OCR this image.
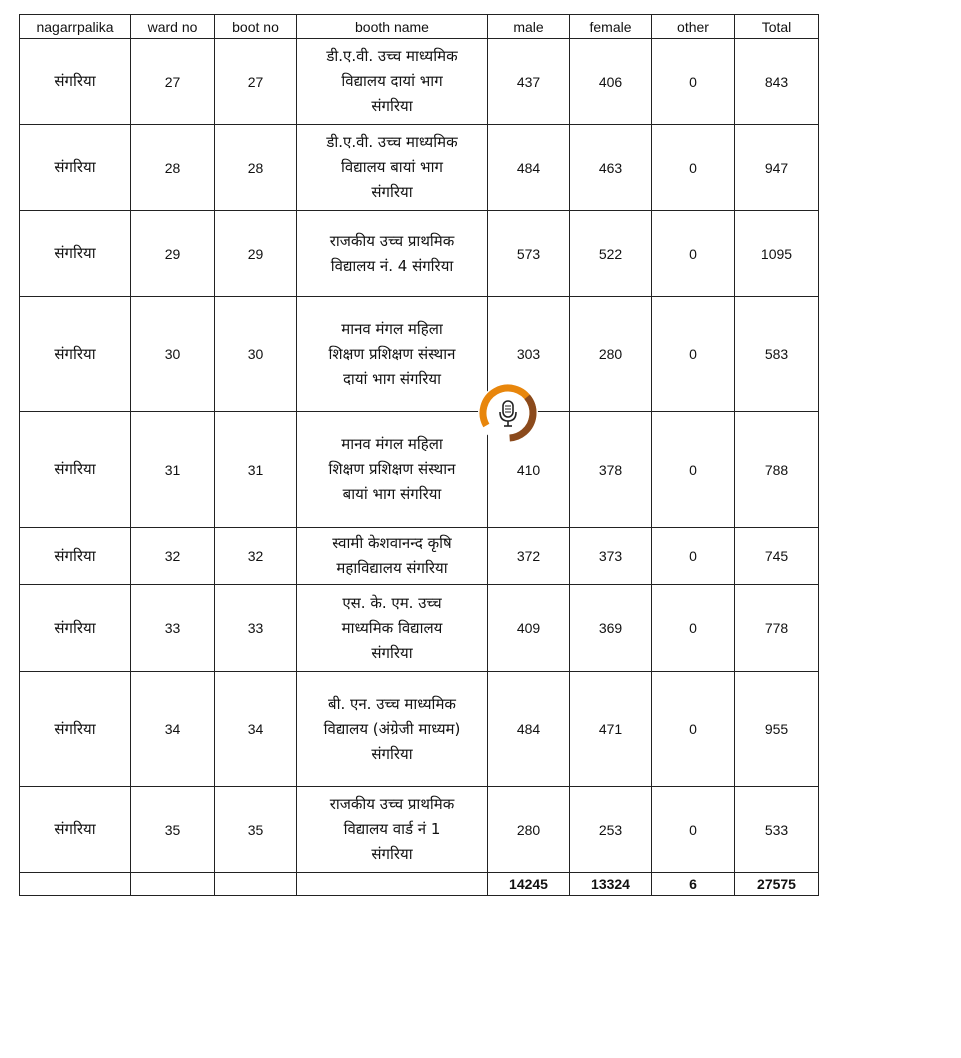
nagarrpalika	ward no	boot no	booth name	male	female	other	Total
संगरिया	27	27	डी.ए.वी. उच्च माध्यमिक
विद्यालय दायां भाग
संगरिया	437	406	0	843
संगरिया	28	28	डी.ए.वी. उच्च माध्यमिक
विद्यालय बायां भाग
संगरिया	484	463	0	947
संगरिया	29	29	राजकीय उच्च प्राथमिक
विद्यालय नं. 4 संगरिया	573	522	0	1095
संगरिया	30	30	मानव मंगल महिला
शिक्षण प्रशिक्षण संस्थान
दायां भाग संगरिया	303	280	0	583
संगरिया	31	31	मानव मंगल महिला
शिक्षण प्रशिक्षण संस्थान
बायां भाग संगरिया	410	378	0	788
संगरिया	32	32	स्वामी केशवानन्द कृषि
महाविद्यालय संगरिया	372	373	0	745
संगरिया	33	33	एस. के. एम. उच्च
माध्यमिक विद्यालय
संगरिया	409	369	0	778
संगरिया	34	34	बी. एन. उच्च माध्यमिक
विद्यालय (अंग्रेजी माध्यम)
संगरिया	484	471	0	955
संगरिया	35	35	राजकीय उच्च प्राथमिक
विद्यालय वार्ड नं 1
संगरिया	280	253	0	533
				14245	13324	6	27575
